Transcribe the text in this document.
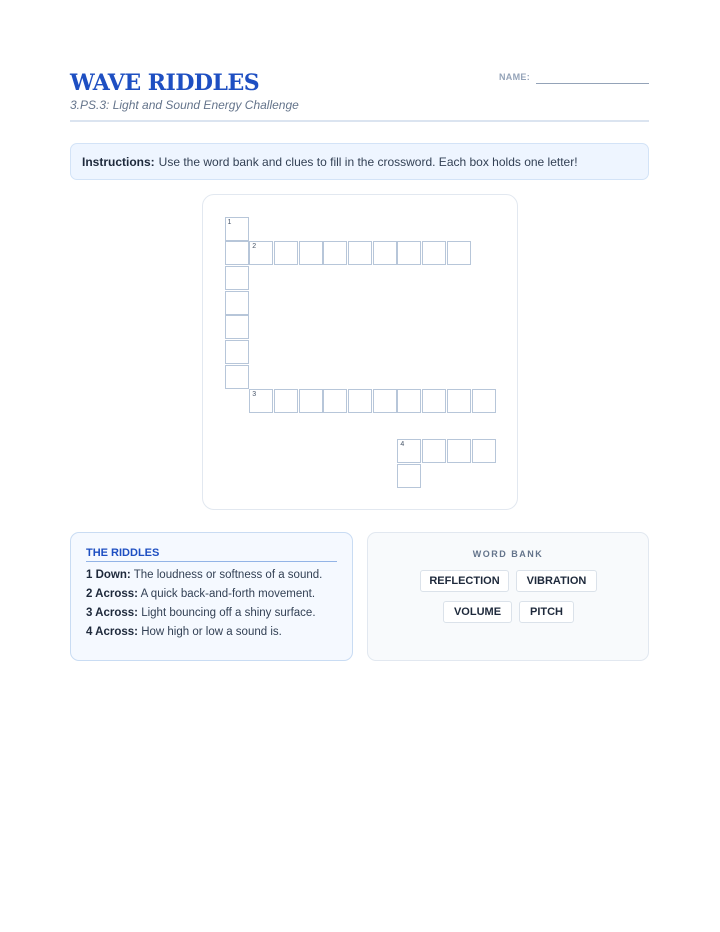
WAVE RIDDLES
3.PS.3: Light and Sound Energy Challenge
NAME:
Instructions: Use the word bank and clues to fill in the crossword. Each box holds one letter!
1
2
3
4
THE RIDDLES
1 Down: The loudness or softness of a sound.
2 Across: A quick back-and-forth movement.
3 Across: Light bouncing off a shiny surface.
4 Across: How high or low a sound is.
WORD BANK
REFLECTION	VIBRATION
VOLUME	PITCH
